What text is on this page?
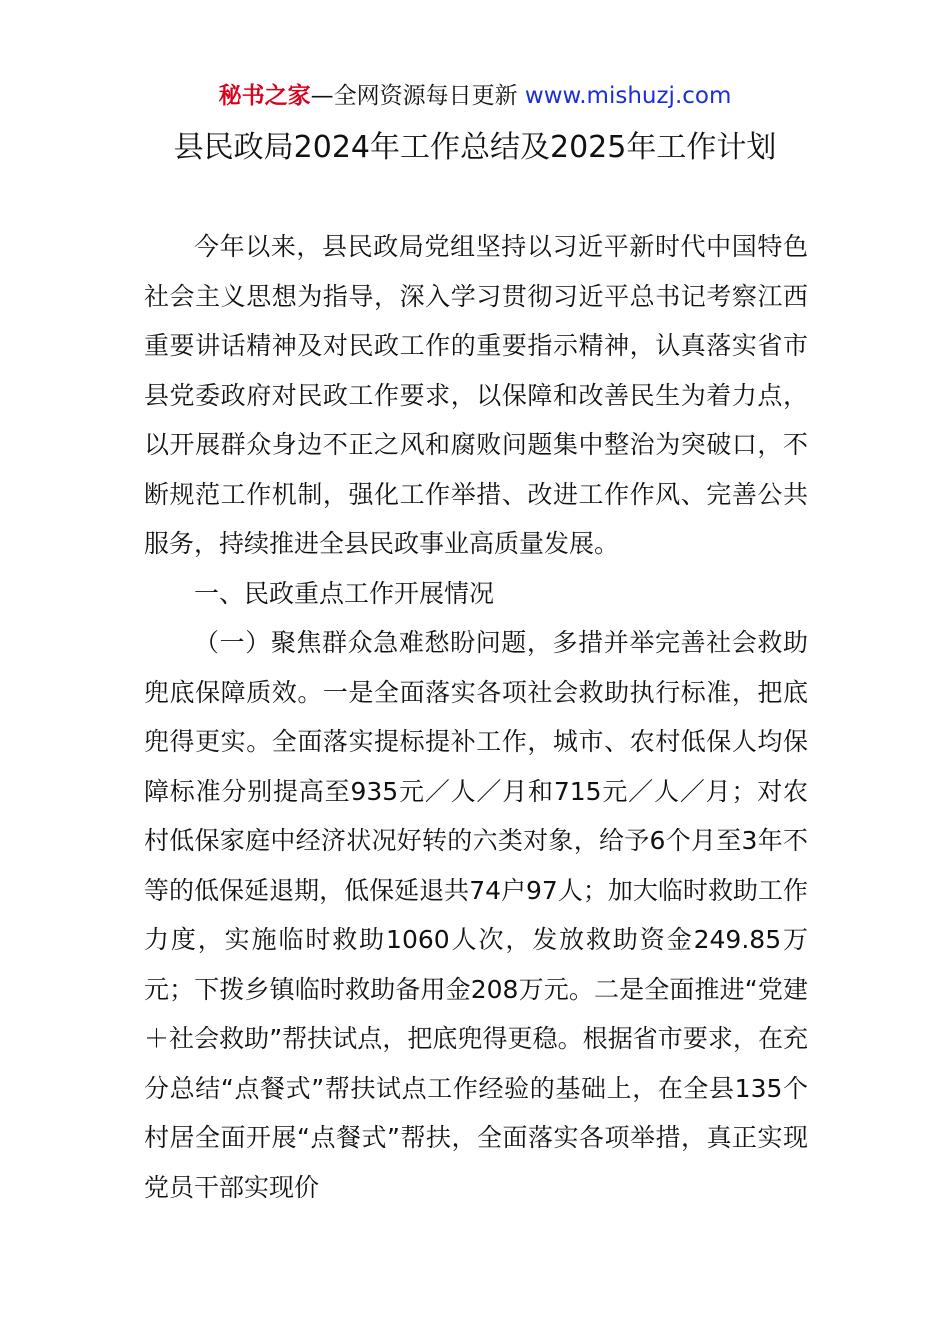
秘书之家—全网资源每日更新 www.mishuzj.com
县民政局2024年工作总结及2025年工作计划

今年以来，县民政局党组坚持以习近平新时代中国特色社会主义思想为指导，深入学习贯彻习近平总书记考察江西重要讲话精神及对民政工作的重要指示精神，认真落实省市县党委政府对民政工作要求，以保障和改善民生为着力点，以开展群众身边不正之风和腐败问题集中整治为突破口，不断规范工作机制，强化工作举措、改进工作作风、完善公共服务，持续推进全县民政事业高质量发展。

一、民政重点工作开展情况

（一）聚焦群众急难愁盼问题，多措并举完善社会救助兜底保障质效。一是全面落实各项社会救助执行标准，把底兜得更实。全面落实提标提补工作，城市、农村低保人均保障标准分别提高至935元／人／月和715元／人／月；对农村低保家庭中经济状况好转的六类对象，给予6个月至3年不等的低保延退期，低保延退共74户97人；加大临时救助工作力度，实施临时救助1060人次，发放救助资金249.85万元；下拨乡镇临时救助备用金208万元。二是全面推进“党建＋社会救助”帮扶试点，把底兜得更稳。根据省市要求，在充分总结“点餐式”帮扶试点工作经验的基础上，在全县135个村居全面开展“点餐式”帮扶，全面落实各项举措，真正实现党员干部实现价
